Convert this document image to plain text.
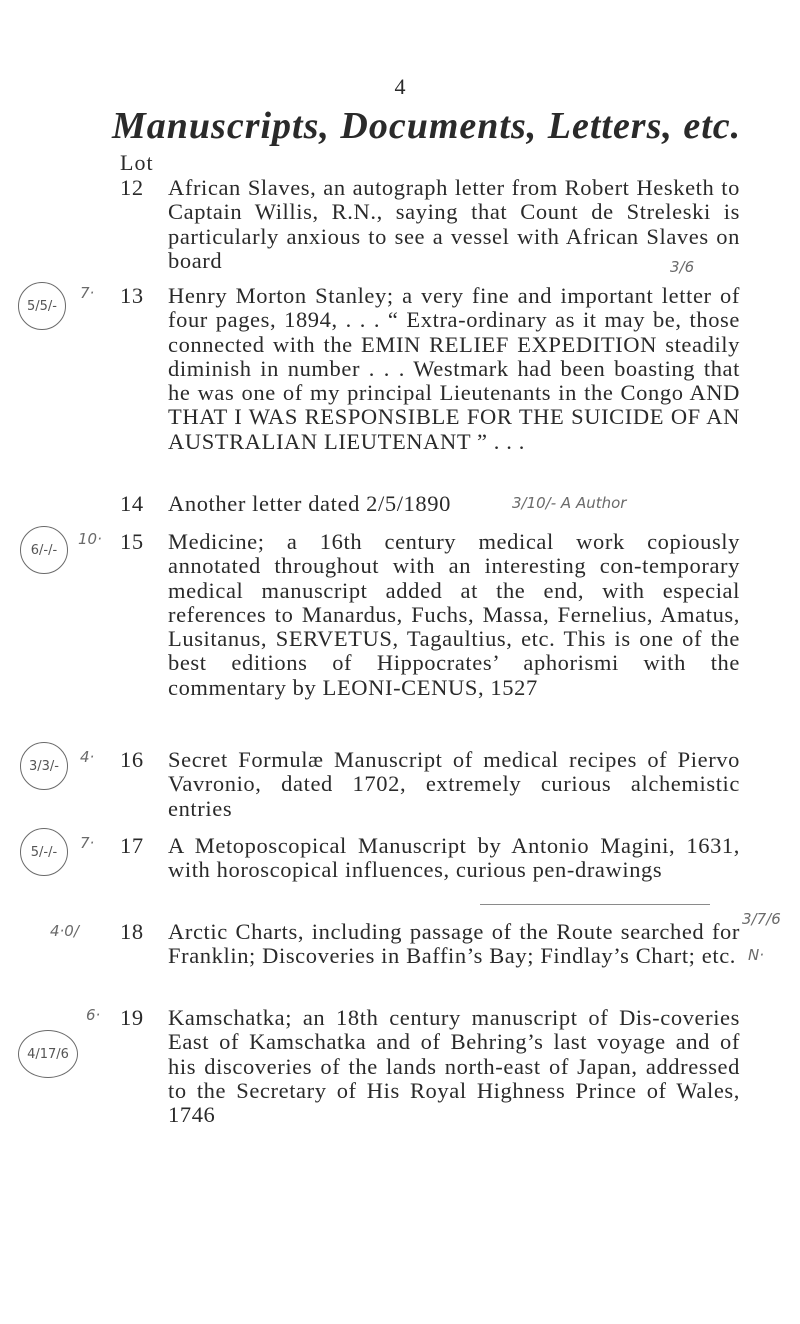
4
Manuscripts, Documents, Letters, etc.
Lot
12 African Slaves, an autograph letter from Robert Hesketh to Captain Willis, R.N., saying that Count de Streleski is particularly anxious to see a vessel with African Slaves on board	3/6
13 Henry Morton Stanley; a very fine and important letter of four pages, 1894, . . . “ Extra-ordinary as it may be, those connected with the EMIN RELIEF EXPEDITION steadily diminish in number . . . Westmark had been boasting that he was one of my principal Lieutenants in the Congo AND THAT I WAS RESPONSIBLE FOR THE SUICIDE OF AN AUSTRALIAN LIEUTENANT ” . . .
5/5/-
7·
14 Another letter dated 2/5/1890	3/10/- A Author
15 Medicine; a 16th century medical work copiously annotated throughout with an interesting con-temporary medical manuscript added at the end, with especial references to Manardus, Fuchs, Massa, Fernelius, Amatus, Lusitanus, SERVETUS, Tagaultius, etc. This is one of the best editions of Hippocrates’ aphorismi with the commentary by LEONI-CENUS, 1527
6/-/-
10·
16 Secret Formulæ Manuscript of medical recipes of Piervo Vavronio, dated 1702, extremely curious alchemistic entries
3/3/-	4·
17 A Metoposcopical Manuscript by Antonio Magini, 1631, with horoscopical influences, curious pen-drawings
5/-/-	7·
18 Arctic Charts, including passage of the Route searched for Franklin; Discoveries in Baffin’s Bay; Findlay’s Chart; etc.
4·0/
3/7/6
N·
19 Kamschatka; an 18th century manuscript of Dis-coveries East of Kamschatka and of Behring’s last voyage and of his discoveries of the lands north-east of Japan, addressed to the Secretary of His Royal Highness Prince of Wales, 1746
4/17/6
6·
